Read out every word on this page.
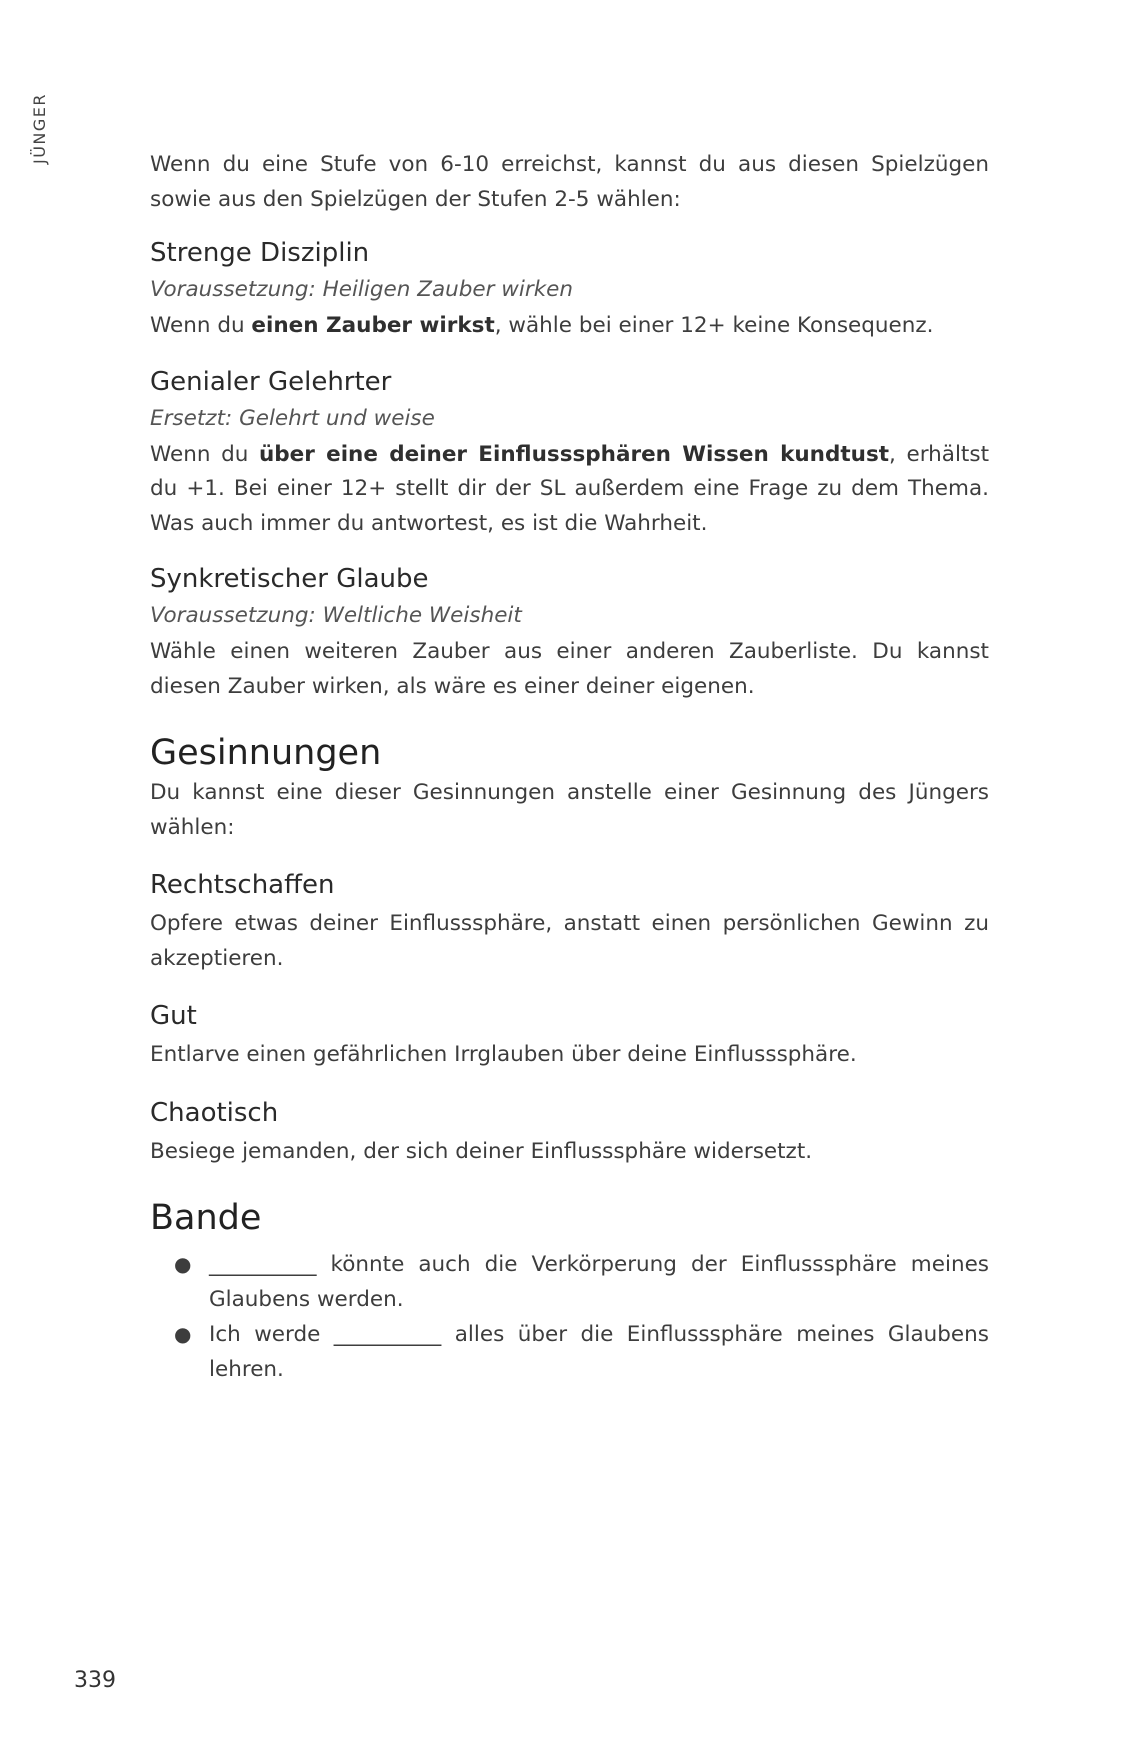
JÜNGER

Wenn du eine Stufe von 6-10 erreichst, kannst du aus diesen Spielzügen sowie aus den Spielzügen der Stufen 2-5 wählen:

Strenge Disziplin
Voraussetzung: Heiligen Zauber wirken

Wenn du einen Zauber wirkst, wähle bei einer 12+ keine Konsequenz.

Genialer Gelehrter
Ersetzt: Gelehrt und weise

Wenn du über eine deiner Einflusssphären Wissen kundtust, erhältst du +1. Bei einer 12+ stellt dir der SL außerdem eine Frage zu dem Thema. Was auch immer du antwortest, es ist die Wahrheit.

Synkretischer Glaube
Voraussetzung: Weltliche Weisheit

Wähle einen weiteren Zauber aus einer anderen Zauberliste. Du kannst diesen Zauber wirken, als wäre es einer deiner eigenen.

Gesinnungen

Du kannst eine dieser Gesinnungen anstelle einer Gesinnung des Jüngers wählen:

Rechtschaffen

Opfere etwas deiner Einflusssphäre, anstatt einen persönlichen Gewinn zu akzeptieren.

Gut

Entlarve einen gefährlichen Irrglauben über deine Einflusssphäre.

Chaotisch

Besiege jemanden, der sich deiner Einflusssphäre widersetzt.

Bande
● __________ könnte auch die Verkörperung der Einflusssphäre meines Glaubens werden.
● Ich werde __________ alles über die Einflusssphäre meines Glaubens lehren.
339
